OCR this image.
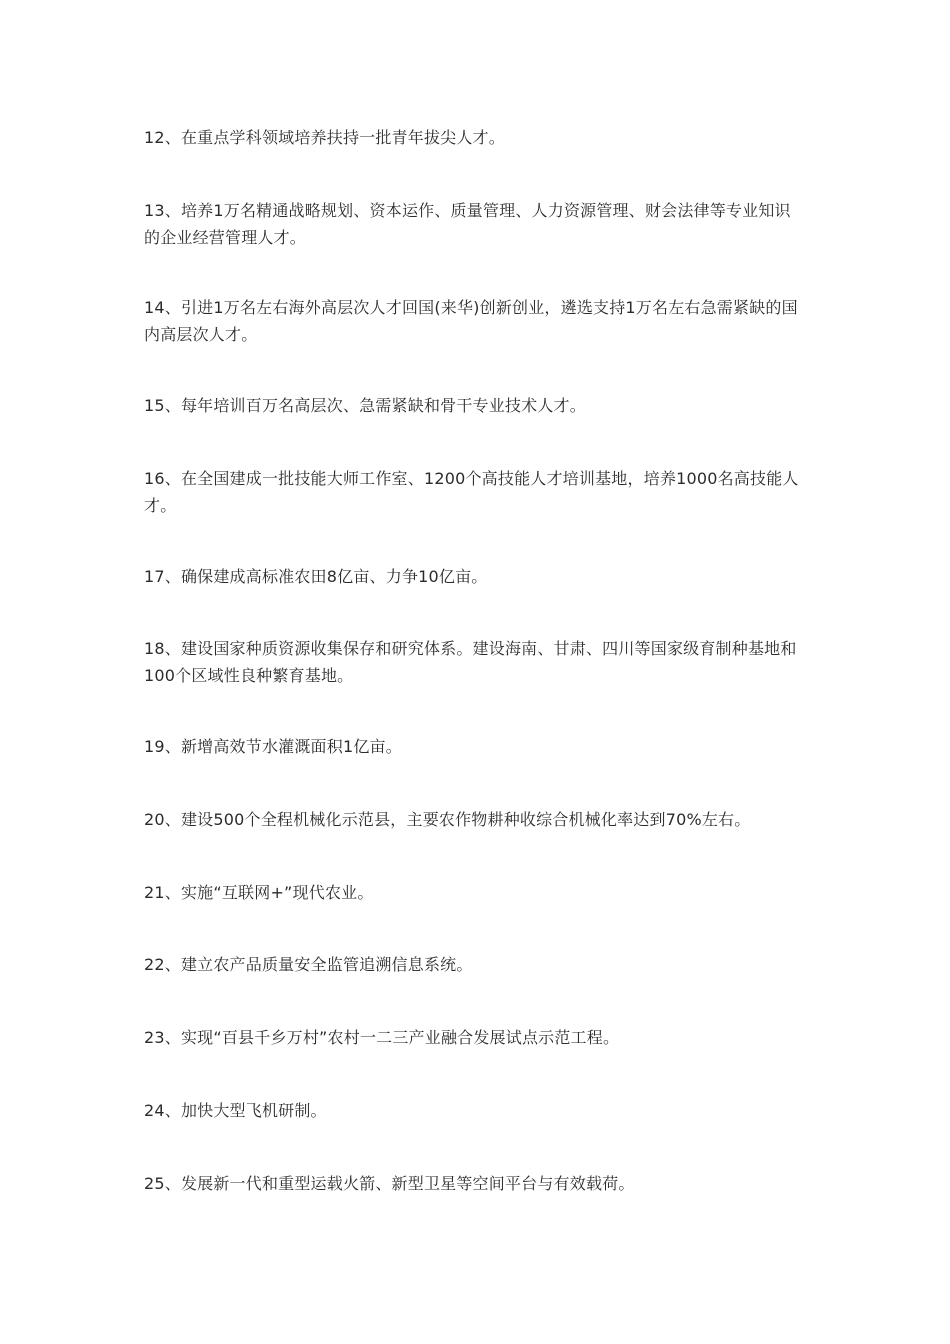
12、在重点学科领域培养扶持一批青年拔尖人才。

13、培养1万名精通战略规划、资本运作、质量管理、人力资源管理、财会法律等专业知识的企业经营管理人才。

14、引进1万名左右海外高层次人才回国(来华)创新创业，遴选支持1万名左右急需紧缺的国内高层次人才。

15、每年培训百万名高层次、急需紧缺和骨干专业技术人才。

16、在全国建成一批技能大师工作室、1200个高技能人才培训基地，培养1000名高技能人才。

17、确保建成高标准农田8亿亩、力争10亿亩。

18、建设国家种质资源收集保存和研究体系。建设海南、甘肃、四川等国家级育制种基地和100个区域性良种繁育基地。

19、新增高效节水灌溉面积1亿亩。

20、建设500个全程机械化示范县，主要农作物耕种收综合机械化率达到70%左右。

21、实施“互联网+”现代农业。

22、建立农产品质量安全监管追溯信息系统。

23、实现“百县千乡万村”农村一二三产业融合发展试点示范工程。

24、加快大型飞机研制。

25、发展新一代和重型运载火箭、新型卫星等空间平台与有效载荷。
